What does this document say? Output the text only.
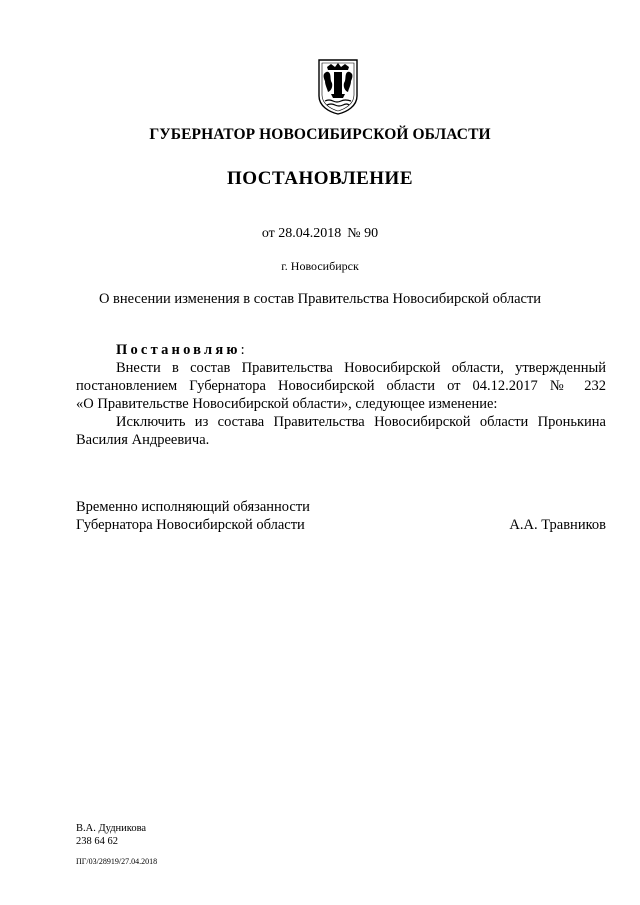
ГУБЕРНАТОР НОВОСИБИРСКОЙ ОБЛАСТИ
ПОСТАНОВЛЕНИЕ
от 28.04.2018 № 90
г. Новосибирск
О внесении изменения в состав Правительства Новосибирской области
Постановляю:
Внести в состав Правительства Новосибирской области, утвержденный
постановлением Губернатора Новосибирской области от 04.12.2017 № 232
«О Правительстве Новосибирской области», следующее изменение:
Исключить из состава Правительства Новосибирской области Пронькина
Василия Андреевича.
Временно исполняющий обязанности
Губернатора Новосибирской области	А.А. Травников
В.А. Дудникова
238 64 62
ПГ/03/28919/27.04.2018
